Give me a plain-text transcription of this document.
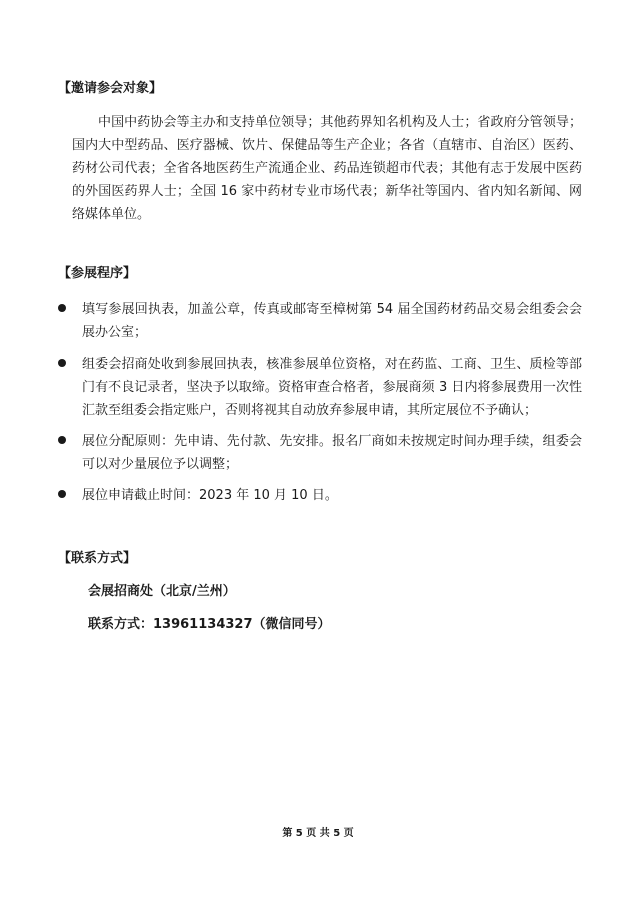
【邀请参会对象】

中国中药协会等主办和支持单位领导；其他药界知名机构及人士；省政府分管领导；国内大中型药品、医疗器械、饮片、保健品等生产企业；各省（直辖市、自治区）医药、药材公司代表；全省各地医药生产流通企业、药品连锁超市代表；其他有志于发展中医药的外国医药界人士；全国 16 家中药材专业市场代表；新华社等国内、省内知名新闻、网络媒体单位。

【参展程序】
填写参展回执表，加盖公章，传真或邮寄至樟树第 54 届全国药材药品交易会组委会会展办公室；
组委会招商处收到参展回执表，核准参展单位资格，对在药监、工商、卫生、质检等部门有不良记录者，坚决予以取缔。资格审查合格者，参展商须 3 日内将参展费用一次性汇款至组委会指定账户，否则将视其自动放弃参展申请，其所定展位不予确认；
展位分配原则：先申请、先付款、先安排。报名厂商如未按规定时间办理手续，组委会可以对少量展位予以调整；
展位申请截止时间：2023 年 10 月 10 日。
【联系方式】

会展招商处（北京/兰州）

联系方式：13961134327（微信同号）

第 5 页 共 5 页
